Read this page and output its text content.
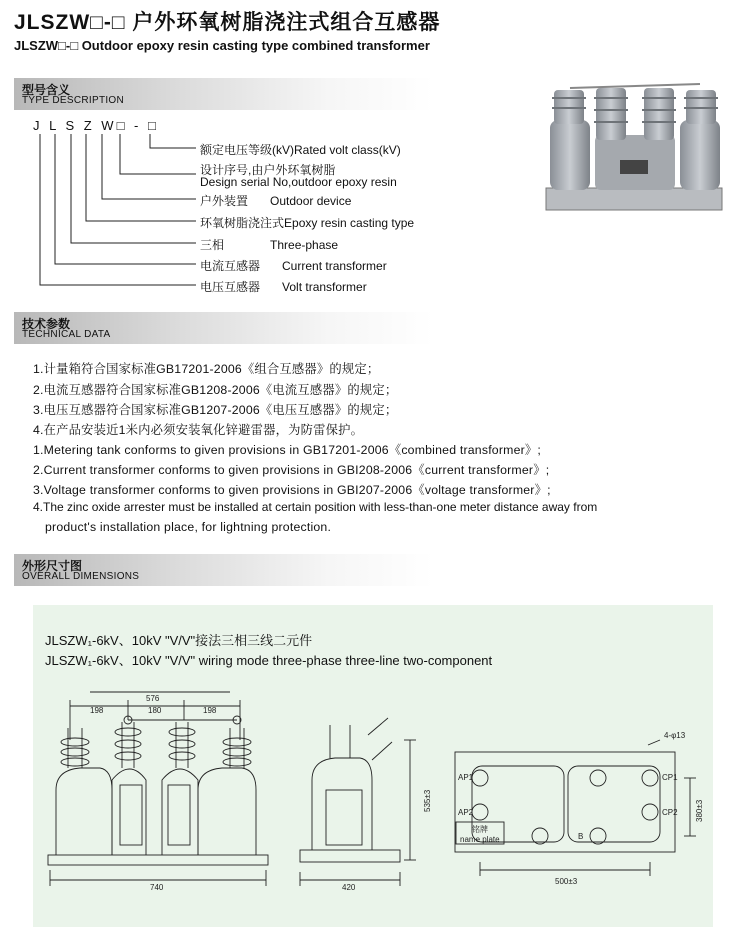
JLSZW□-□ 户外环氧树脂浇注式组合互感器
JLSZW□-□ Outdoor epoxy resin casting type combined transformer
型号含义
TYPE DESCRIPTION
J L S Z W□ - □
额定电压等级(kV)Rated volt class(kV)
设计序号,由户外环氧树脂
Design serial No,outdoor epoxy resin
户外装置 Outdoor device
环氧树脂浇注式Epoxy resin casting type
三相	Three-phase
电流互感器 Current transformer
电压互感器 Volt transformer
技术参数
TECHNICAL DATA
1.计量箱符合国家标准GB17201-2006《组合互感器》的规定；
2.电流互感器符合国家标准GB1208-2006《电流互感器》的规定；
3.电压互感器符合国家标准GB1207-2006《电压互感器》的规定；
4.在产品安装近1米内必须安装氧化锌避雷器，为防雷保护。
1.Metering tank conforms to given provisions in GB17201-2006《combined transformer》;
2.Current transformer conforms to given provisions in GBI208-2006《current transformer》;
3.Voltage transformer conforms to given provisions in GBI207-2006《voltage transformer》;
4.The zinc oxide arrester must be installed at certain position with less-than-one meter distance away from
product's installation place, for lightning protection.
外形尺寸图
OVERALL DIMENSIONS
JLSZW₁-6kV、10kV "V/V"接法三相三线二元件
JLSZW₁-6kV、10kV "V/V" wiring mode three-phase three-line two-component
576
198	180	198
740	420
535±3
500±3
380±3
4-φ13
AP1
AP2
CP1
CP2
B
铭牌
name plate
